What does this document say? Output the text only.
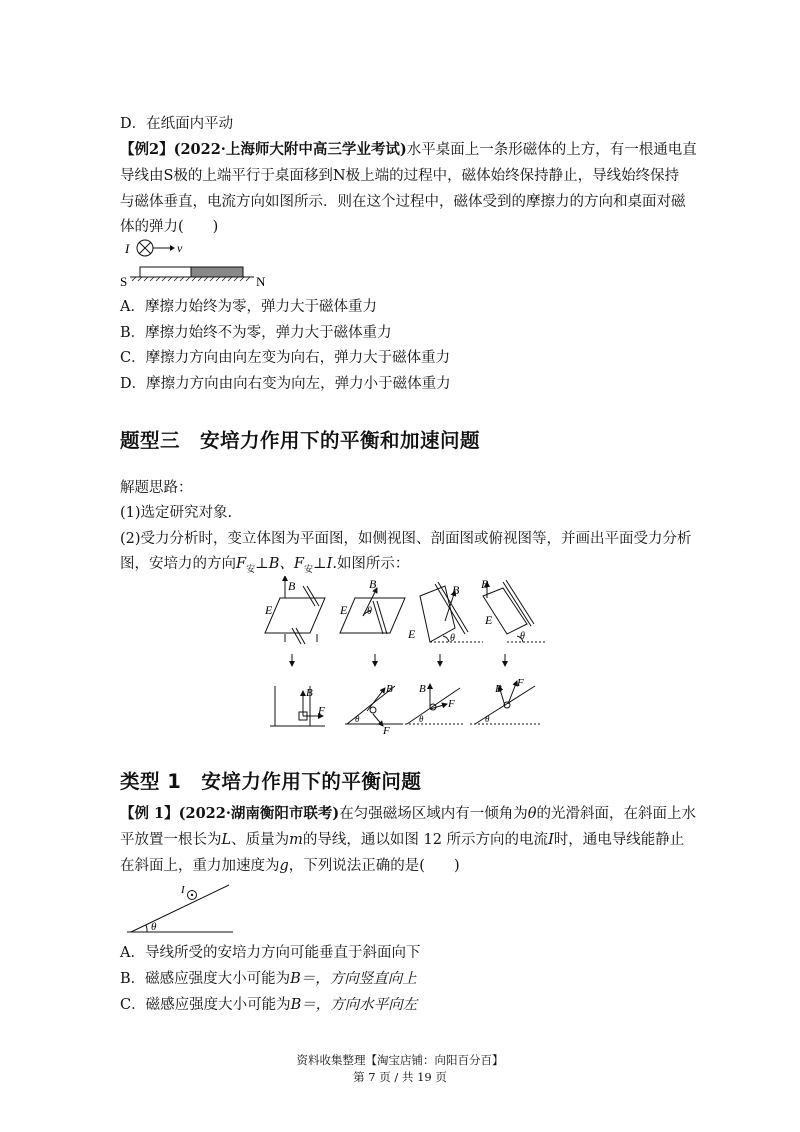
D．在纸面内平动
【例2】(2022·上海师大附中高三学业考试)水平桌面上一条形磁体的上方，有一根通电直
导线由S极的上端平行于桌面移到N极上端的过程中，磁体始终保持静止，导线始终保持
与磁体垂直，电流方向如图所示．则在这个过程中，磁体受到的摩擦力的方向和桌面对磁
体的弹力(　　)
I	v
S	N
A．摩擦力始终为零，弹力大于磁体重力
B．摩擦力始终不为零，弹力大于磁体重力
C．摩擦力方向由向左变为向右，弹力大于磁体重力
D．摩擦力方向由向右变为向左，弹力小于磁体重力
题型三　安培力作用下的平衡和加速问题
解题思路：
(1)选定研究对象.
(2)受力分析时，变立体图为平面图，如侧视图、剖面图或俯视图等，并画出平面受力分析
图，安培力的方向$F_安\perp B$、$F_安\perp I$.如图所示：
B
E
B
E θ
B
E	θ
B
E
θ
B
F
B
F
θ
B
F
θ
B F
θ
类型 1　安培力作用下的平衡问题
【例 1】(2022·湖南衡阳市联考)在匀强磁场区域内有一倾角为θ的光滑斜面，在斜面上水
平放置一根长为L、质量为m的导线，通以如图 12 所示方向的电流I时，通电导线能静止
在斜面上，重力加速度为g，下列说法正确的是(　　)
I
θ
A．导线所受的安培力方向可能垂直于斜面向下
B．磁感应强度大小可能为B＝，方向竖直向上
C．磁感应强度大小可能为B＝，方向水平向左
资料收集整理【淘宝店铺：向阳百分百】
第 7 页 / 共 19 页
